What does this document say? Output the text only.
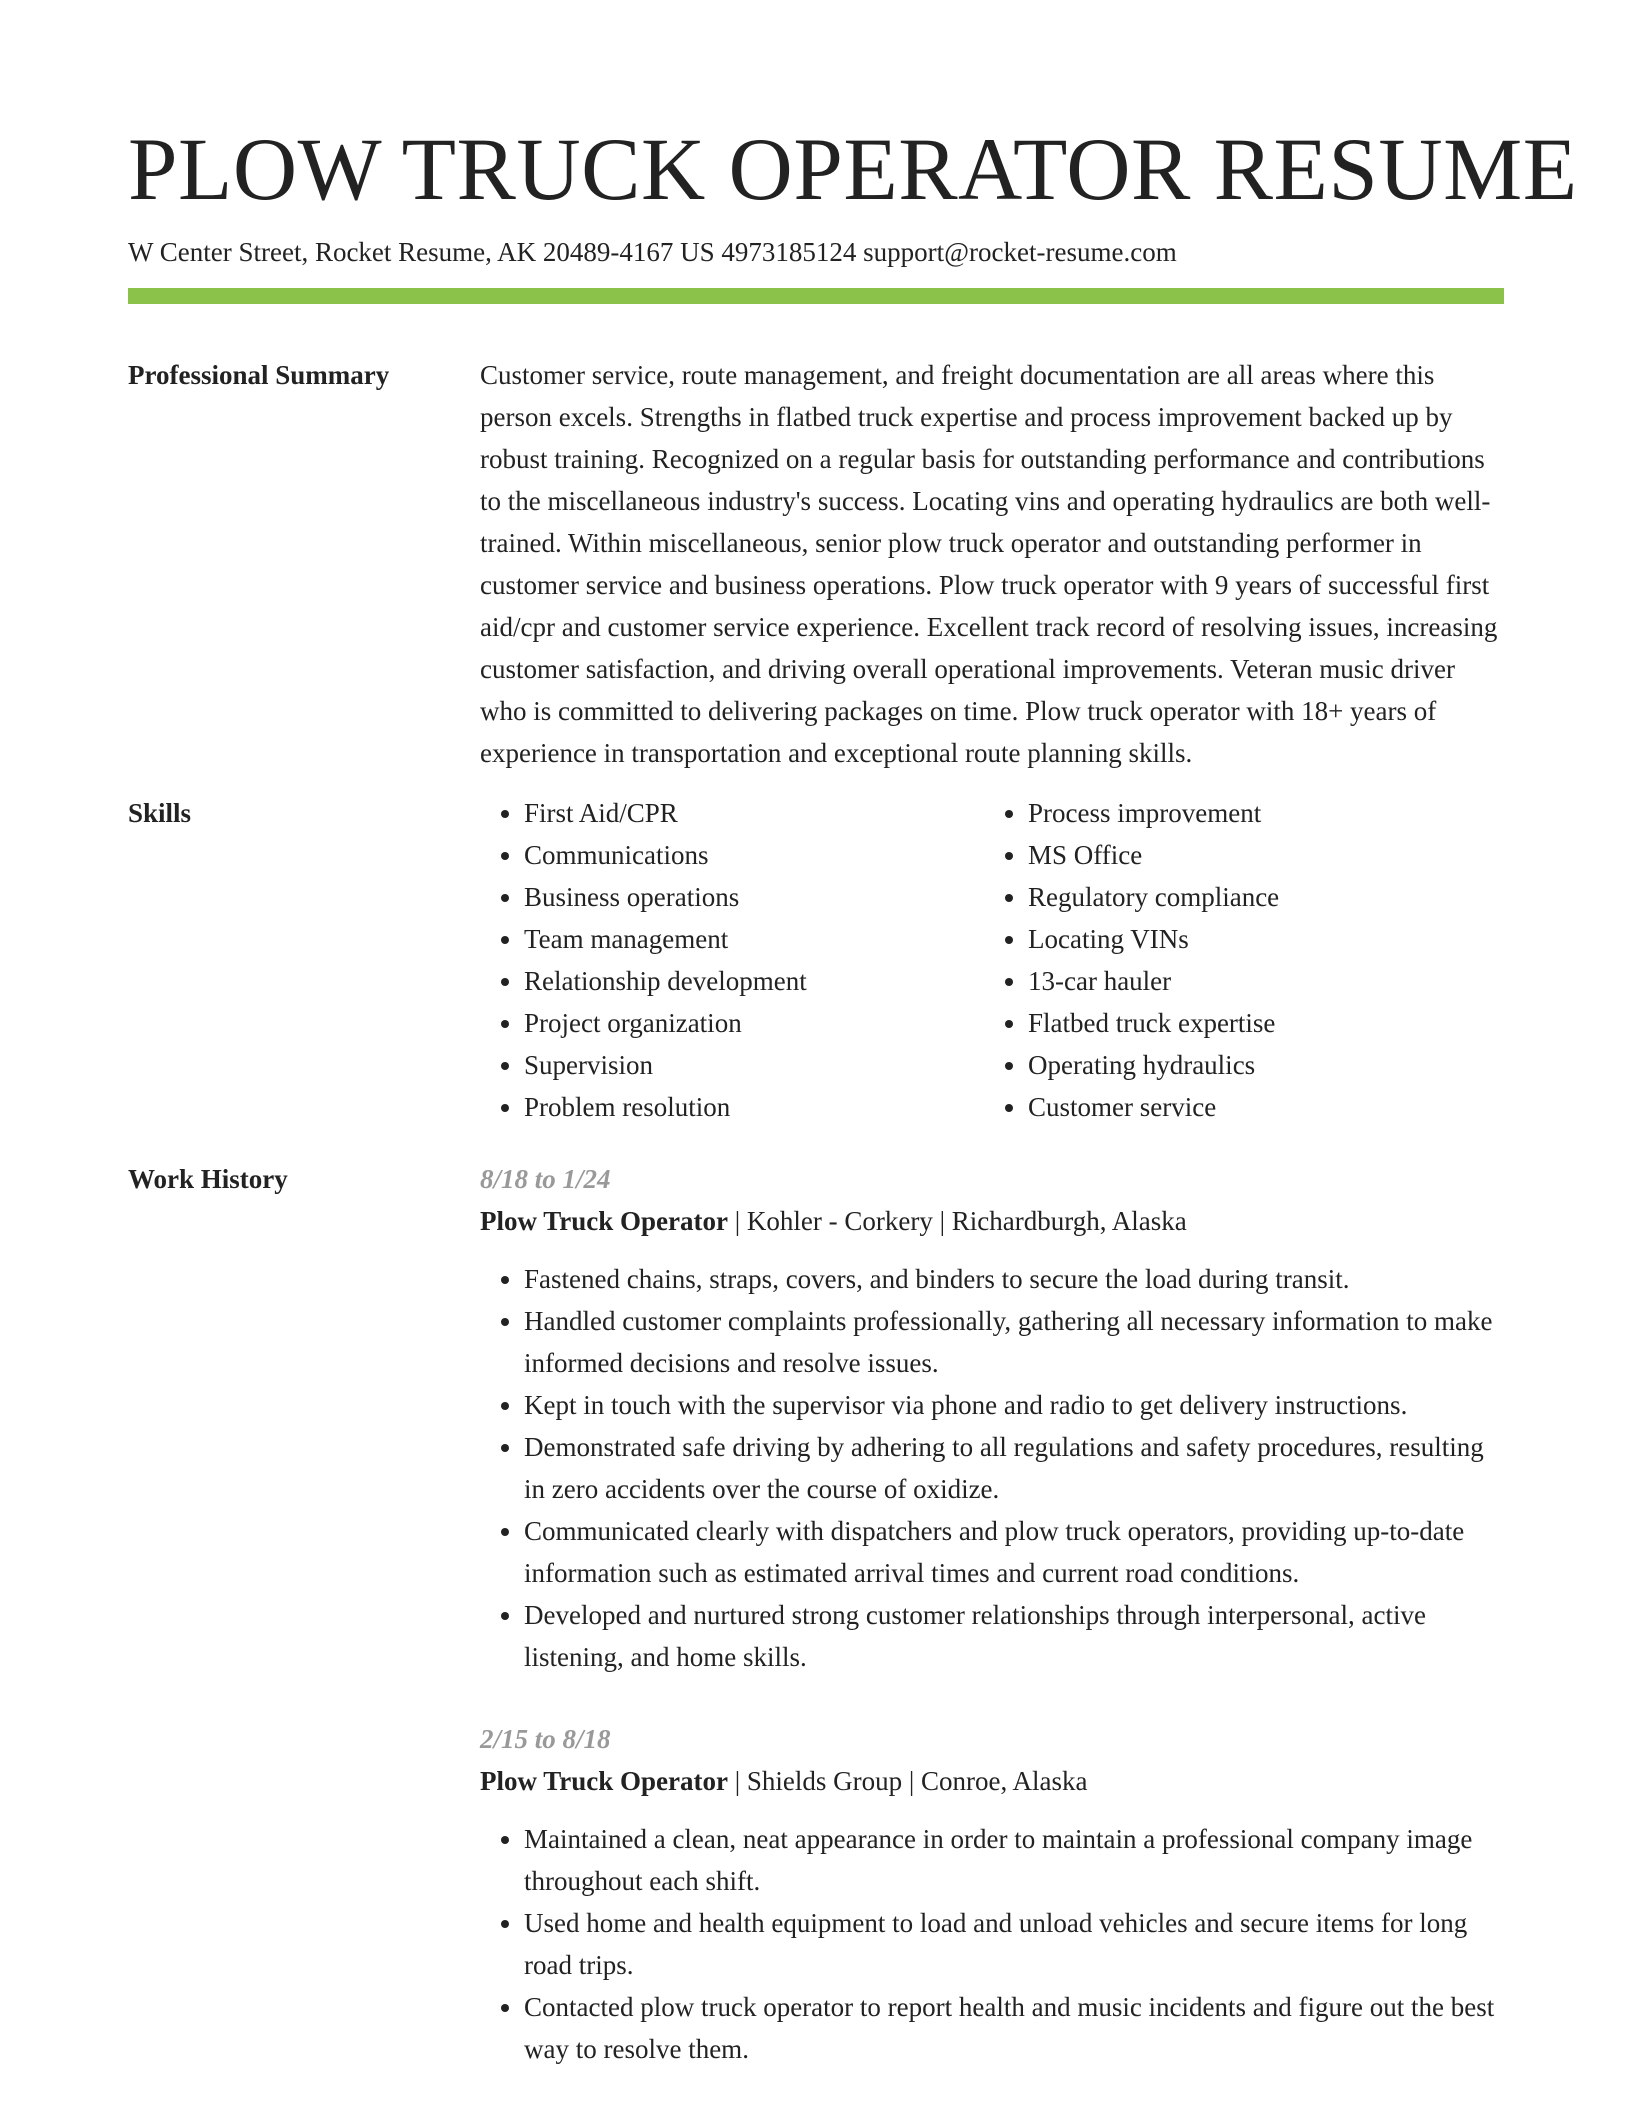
PLOW TRUCK OPERATOR RESUME
W Center Street, Rocket Resume, AK 20489-4167 US 4973185124 support@rocket-resume.com
Professional Summary	Customer service, route management, and freight documentation are all areas where this person excels. Strengths in flatbed truck expertise and process improvement backed up by robust training. Recognized on a regular basis for outstanding performance and contributions to the miscellaneous industry's success. Locating vins and operating hydraulics are both well-trained. Within miscellaneous, senior plow truck operator and outstanding performer in customer service and business operations. Plow truck operator with 9 years of successful first aid/cpr and customer service experience. Excellent track record of resolving issues, increasing customer satisfaction, and driving overall operational improvements. Veteran music driver who is committed to delivering packages on time. Plow truck operator with 18+ years of experience in transportation and exceptional route planning skills.

Skills
•	First Aid/CPR
• Communications
• Business operations
• Team management
• Relationship development
• Project organization
• Supervision
• Problem resolution
• Process improvement
• MS Office
• Regulatory compliance
• Locating VINs
• 13-car hauler
• Flatbed truck expertise
• Operating hydraulics
• Customer service
Work History	8/18 to 1/24
Plow Truck Operator | Kohler - Corkery | Richardburgh, Alaska
• Fastened chains, straps, covers, and binders to secure the load during transit.
• Handled customer complaints professionally, gathering all necessary information to make informed decisions and resolve issues.
• Kept in touch with the supervisor via phone and radio to get delivery instructions.
• Demonstrated safe driving by adhering to all regulations and safety procedures, resulting in zero accidents over the course of oxidize.
• Communicated clearly with dispatchers and plow truck operators, providing up-to-date information such as estimated arrival times and current road conditions.
• Developed and nurtured strong customer relationships through interpersonal, active listening, and home skills.
2/15 to 8/18
Plow Truck Operator | Shields Group | Conroe, Alaska
• Maintained a clean, neat appearance in order to maintain a professional company image throughout each shift.
• Used home and health equipment to load and unload vehicles and secure items for long road trips.
• Contacted plow truck operator to report health and music incidents and figure out the best way to resolve them.
